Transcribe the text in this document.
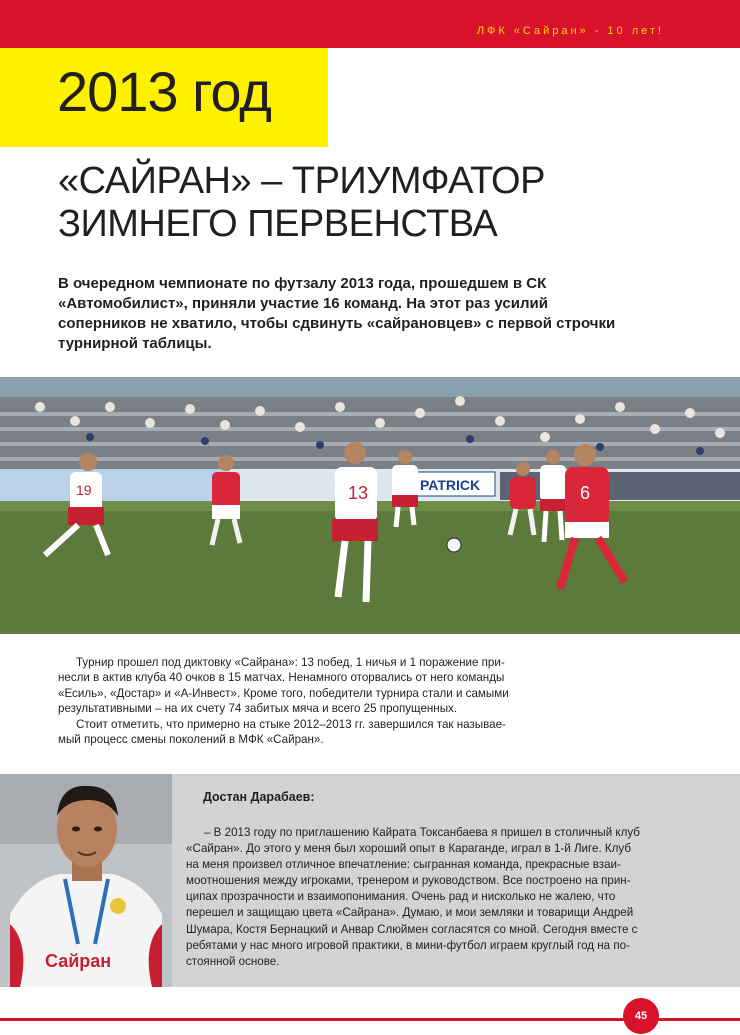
ЛФК «Сайран» - 10 лет!
2013 год
«САЙРАН» – ТРИУМФАТОР
ЗИМНЕГО ПЕРВЕНСТВА
В очередном чемпионате по футзалу 2013 года, прошедшем в СК
«Автомобилист», приняли участие 16 команд. На этот раз усилий
соперников не хватило, чтобы сдвинуть «сайрановцев» с первой строчки
турнирной таблицы.
PATRICK
19	13	6
Турнир прошел под диктовку «Сайрана»: 13 побед, 1 ничья и 1 поражение при-
несли в актив клуба 40 очков в 15 матчах. Ненамного оторвались от него команды
«Есиль», «Достар» и «А-Инвест». Кроме того, победители турнира стали и самыми
результативными – на их счету 74 забитых мяча и всего 25 пропущенных.
Стоит отметить, что примерно на стыке 2012–2013 гг. завершился так называе-
мый процесс смены поколений в МФК «Сайран».
Сайран
Достан Дарабаев:
– В 2013 году по приглашению Кайрата Токсанбаева я пришел в столичный клуб
«Сайран». До этого у меня был хороший опыт в Караганде, играл в 1-й Лиге. Клуб
на меня произвел отличное впечатление: сыгранная команда, прекрасные взаи-
моотношения между игроками, тренером и руководством. Все построено на прин-
ципах прозрачности и взаимопонимания. Очень рад и нисколько не жалею, что
перешел и защищаю цвета «Сайрана». Думаю, и мои земляки и товарищи Андрей
Шумара, Костя Бернацкий и Анвар Слюймен согласятся со мной. Сегодня вместе с
ребятами у нас много игровой практики, в мини-футбол играем круглый год на по-
стоянной основе.
45
